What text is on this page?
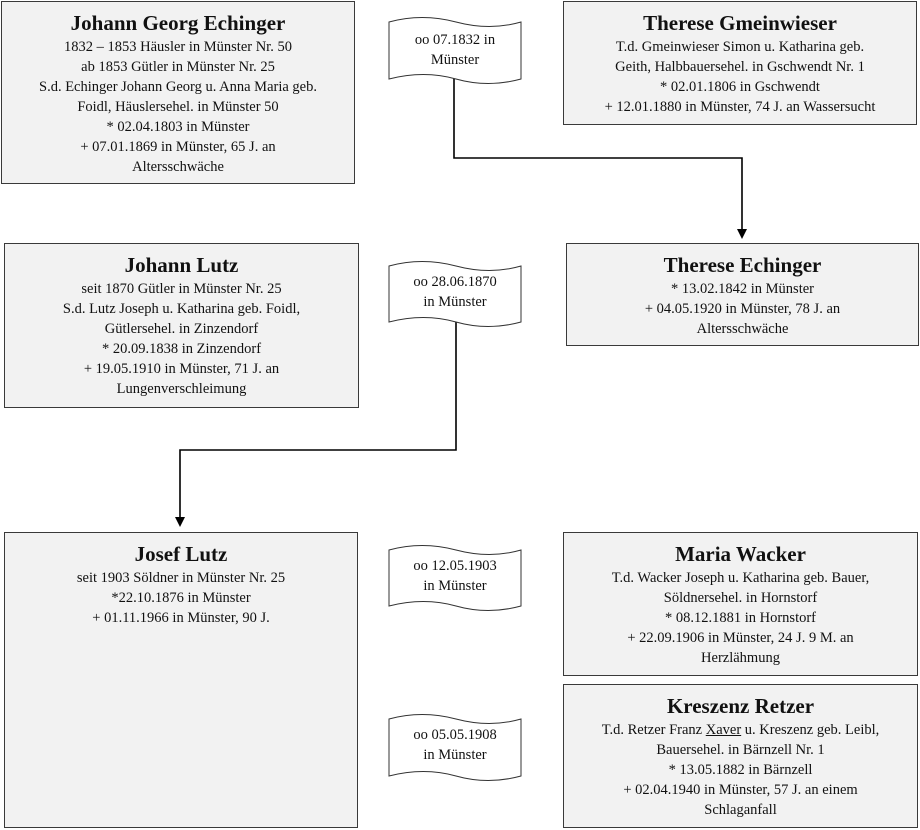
oo 07.1832 in
Münster
oo 28.06.1870
in Münster
oo 12.05.1903
in Münster
oo 05.05.1908
in Münster
Johann Georg Echinger
1832 – 1853 Häusler in Münster Nr. 50
ab 1853 Gütler in Münster Nr. 25
S.d. Echinger Johann Georg u. Anna Maria geb.
Foidl, Häuslersehel. in Münster 50
* 02.04.1803 in Münster
+ 07.01.1869 in Münster, 65 J. an
Altersschwäche
Therese Gmeinwieser
T.d. Gmeinwieser Simon u. Katharina geb.
Geith, Halbbauersehel. in Gschwendt Nr. 1
* 02.01.1806 in Gschwendt
+ 12.01.1880 in Münster, 74 J. an Wassersucht
Johann Lutz
seit 1870 Gütler in Münster Nr. 25
S.d. Lutz Joseph u. Katharina geb. Foidl,
Gütlersehel. in Zinzendorf
* 20.09.1838 in Zinzendorf
+ 19.05.1910 in Münster, 71 J. an
Lungenverschleimung
Therese Echinger
* 13.02.1842 in Münster
+ 04.05.1920 in Münster, 78 J. an
Altersschwäche
Josef Lutz
seit 1903 Söldner in Münster Nr. 25
*22.10.1876 in Münster
+ 01.11.1966 in Münster, 90 J.
Maria Wacker
T.d. Wacker Joseph u. Katharina geb. Bauer,
Söldnersehel. in Hornstorf
* 08.12.1881 in Hornstorf
+ 22.09.1906 in Münster, 24 J. 9 M. an
Herzlähmung
Kreszenz Retzer
T.d. Retzer Franz Xaver u. Kreszenz geb. Leibl,
Bauersehel. in Bärnzell Nr. 1
* 13.05.1882 in Bärnzell
+ 02.04.1940 in Münster, 57 J. an einem
Schlaganfall
